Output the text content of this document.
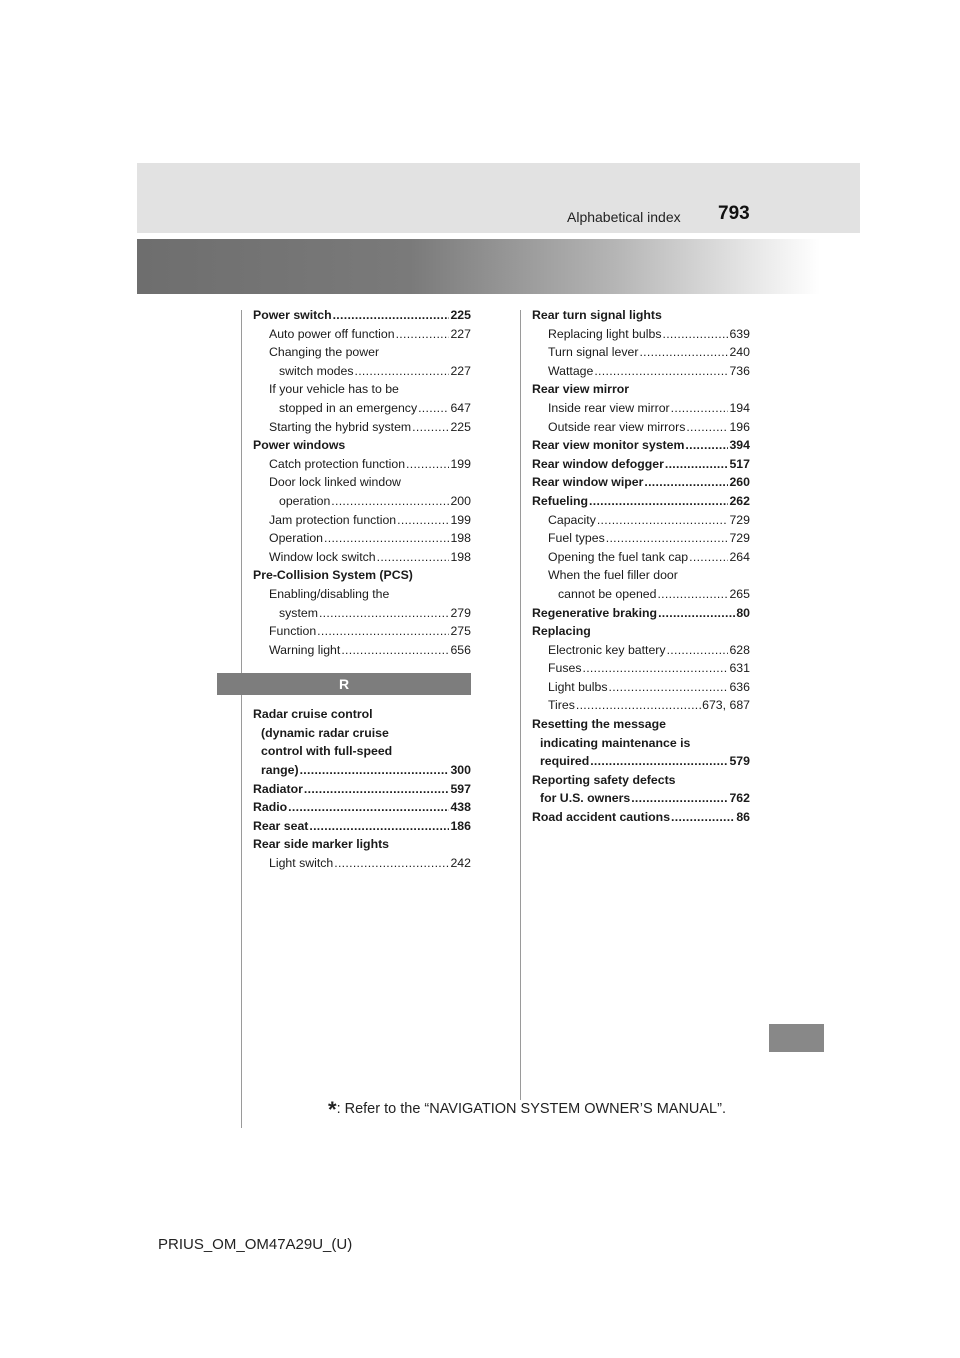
Alphabetical index 793
Power switch .....	225
Auto power off function .....	227
Changing the power
switch modes .....	227
If your vehicle has to be
stopped in an emergency .....	647
Starting the hybrid system .....	225
Power windows
Catch protection function .....	199
Door lock linked window
operation .....	200
Jam protection function .....	199
Operation .....	198
Window lock switch .....	198
Pre-Collision System (PCS)
Enabling/disabling the
system .....	279
Function .....	275
Warning light .....	656
R
Radar cruise control
(dynamic radar cruise
control with full-speed
range) .....	300
Radiator .....	597
Radio .....	438
Rear seat .....	186
Rear side marker lights
Light switch .....	242
Rear turn signal lights
Replacing light bulbs .....	639
Turn signal lever .....	240
Wattage .....	736
Rear view mirror
Inside rear view mirror .....	194
Outside rear view mirrors .....	196
Rear view monitor system .....	394
Rear window defogger .....	517
Rear window wiper .....	260
Refueling .....	262
Capacity .....	729
Fuel types .....	729
Opening the fuel tank cap .....	264
When the fuel filler door
cannot be opened .....	265
Regenerative braking .....	80
Replacing
Electronic key battery .....	628
Fuses .....	631
Light bulbs .....	636
Tires .....	673, 687
Resetting the message
indicating maintenance is
required .....	579
Reporting safety defects
for U.S. owners .....	762
Road accident cautions .....	86
*: Refer to the “NAVIGATION SYSTEM OWNER’S MANUAL”.
PRIUS_OM_OM47A29U_(U)
